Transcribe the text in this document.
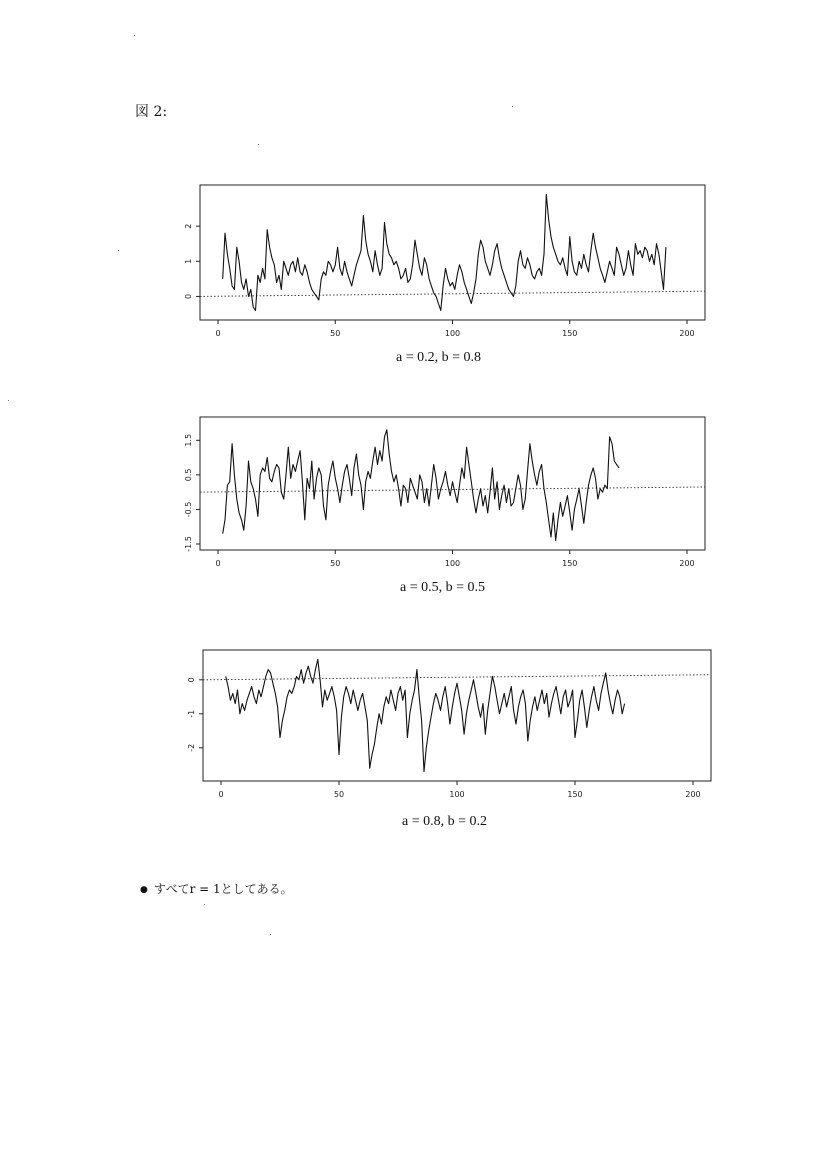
図 2:
0	50	100	150	200
0
1
2
a = 0.2, b = 0.8
0	50	100	150	200
-1.5
-0.5
0.5
1.5
a = 0.5, b = 0.5
0	50	100	150	200
-2
-1
0
a = 0.8, b = 0.2
● すべてr = 1としてある。
